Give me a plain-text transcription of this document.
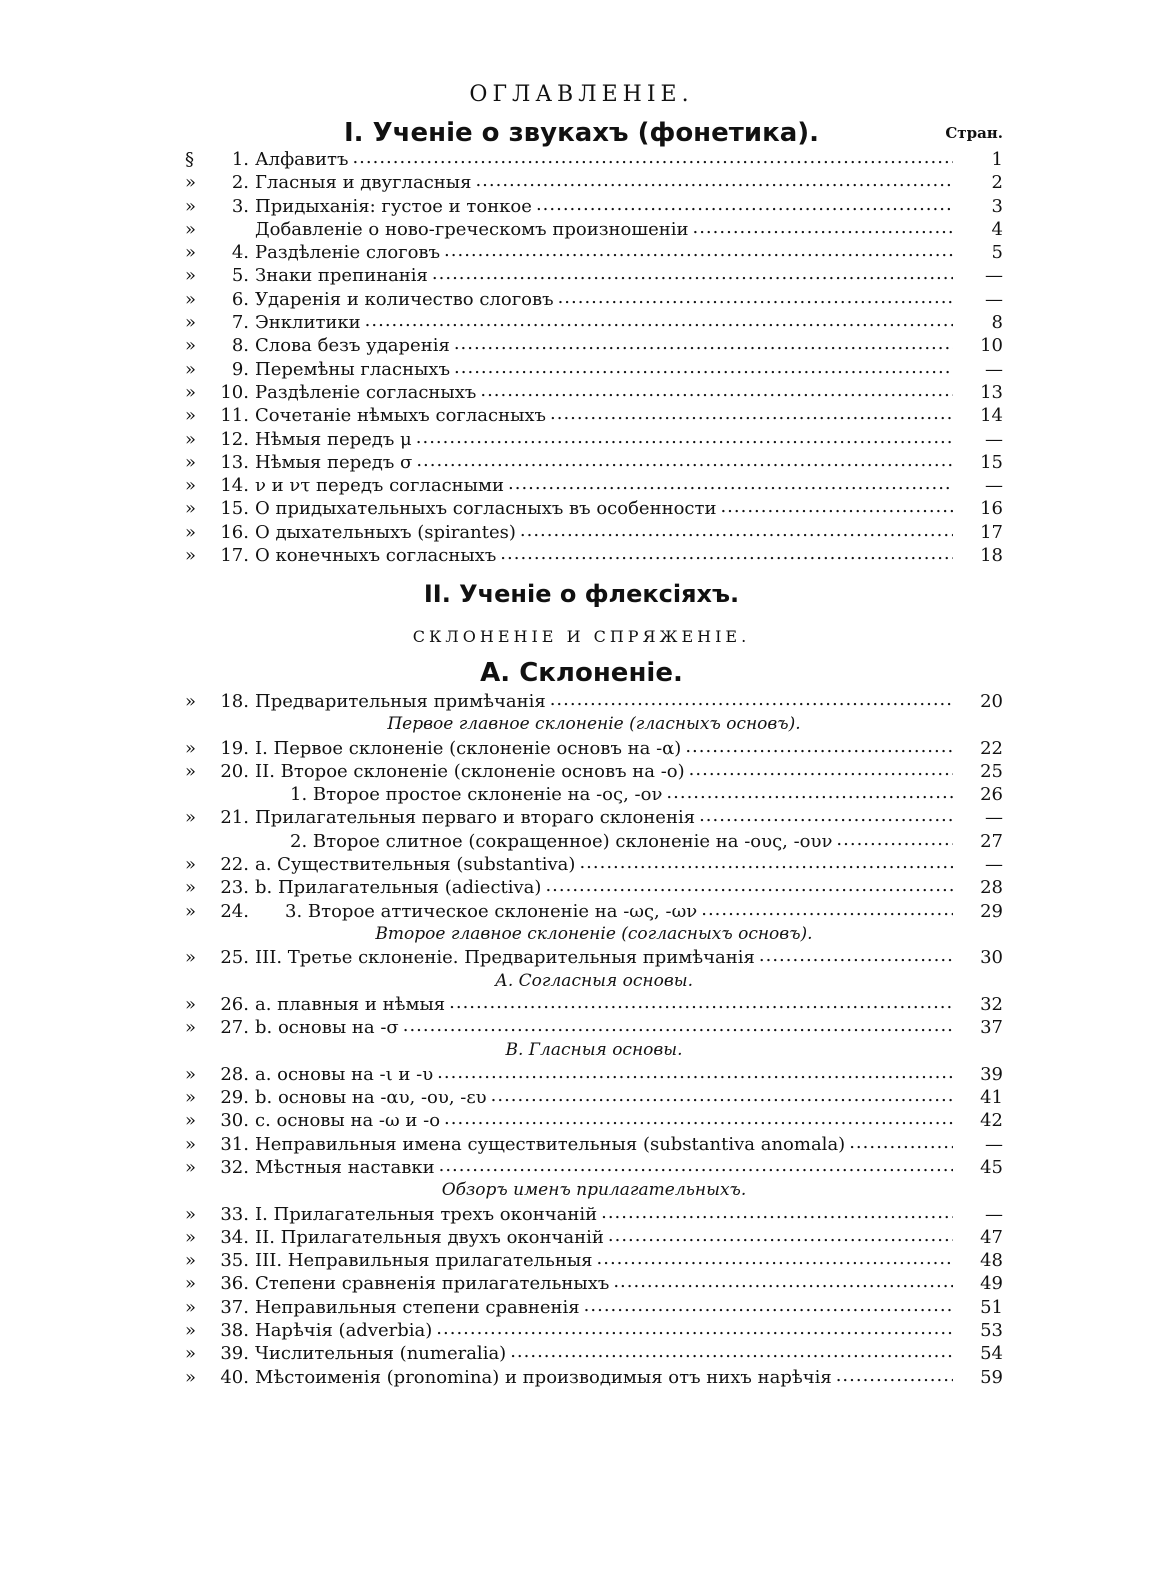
ОГЛАВЛЕНІЕ.
I. Ученіе о звукахъ (фонетика).	Стран.
§	1. Алфавитъ .....	1
»	2. Гласныя и двугласныя .....	2
»	3. Придыханія: густое и тонкое .....	3
»	Добавленіе о ново-греческомъ произношеніи .....	4
»	4. Раздѣленіе слоговъ .....	5
»	5. Знаки препинанія .....	—
»	6. Ударенія и количество слоговъ .....	—
»	7. Энклитики .....	8
»	8. Слова безъ ударенія .....	10
»	9. Перемѣны гласныхъ .....	—
»	10. Раздѣленіе согласныхъ .....	13
»	11. Сочетаніе нѣмыхъ согласныхъ .....	14
»	12. Нѣмыя передъ μ .....	—
»	13. Нѣмыя передъ σ .....	15
»	14. ν и ντ передъ согласными .....	—
»	15. О придыхательныхъ согласныхъ въ особенности .....	16
»	16. О дыхательныхъ (spirantes) .....	17
»	17. О конечныхъ согласныхъ .....	18
II. Ученіе о флексіяхъ.
СКЛОНЕНІЕ И СПРЯЖЕНІЕ.
А. Склоненіе.
»	18. Предварительныя примѣчанія .....	20
Первое главное склоненіе (гласныхъ основъ).
»	19. I. Первое склоненіе (склоненіе основъ на -α) .....	22
»	20. II. Второе склоненіе (склоненіе основъ на -ο) .....	25
1. Второе простое склоненіе на -ος, -ον .....	26
»	21. Прилагательныя перваго и втораго склоненія .....	—
2. Второе слитное (сокращенное) склоненіе на -ους, -ουν .....	27
»	22. a. Существительныя (substantiva) .....	—
»	23. b. Прилагательныя (adiectiva) .....	28
»	24.	3. Второе аттическое склоненіе на -ως, -ων .....	29
Второе главное склоненіе (согласныхъ основъ).
»	25. III. Третье склоненіе. Предварительныя примѣчанія .....	30
А. Согласныя основы.
»	26. a. плавныя и нѣмыя .....	32
»	27. b. основы на -σ .....	37
В. Гласныя основы.
»	28. a. основы на -ι и -υ .....	39
»	29. b. основы на -αυ, -ου, -ευ .....	41
»	30. c. основы на -ω и -ο .....	42
»	31. Неправильныя имена существительныя (substantiva anomala) .....	—
»	32. Мѣстныя наставки .....	45
Обзоръ именъ прилагательныхъ.
»	33. I. Прилагательныя трехъ окончаній .....	—
»	34. II. Прилагательныя двухъ окончаній .....	47
»	35. III. Неправильныя прилагательныя .....	48
»	36. Степени сравненія прилагательныхъ .....	49
»	37. Неправильныя степени сравненія .....	51
»	38. Нарѣчія (adverbia) .....	53
»	39. Числительныя (numeralia) .....	54
»	40. Мѣстоименія (pronomina) и производимыя отъ нихъ нарѣчія .....	59
